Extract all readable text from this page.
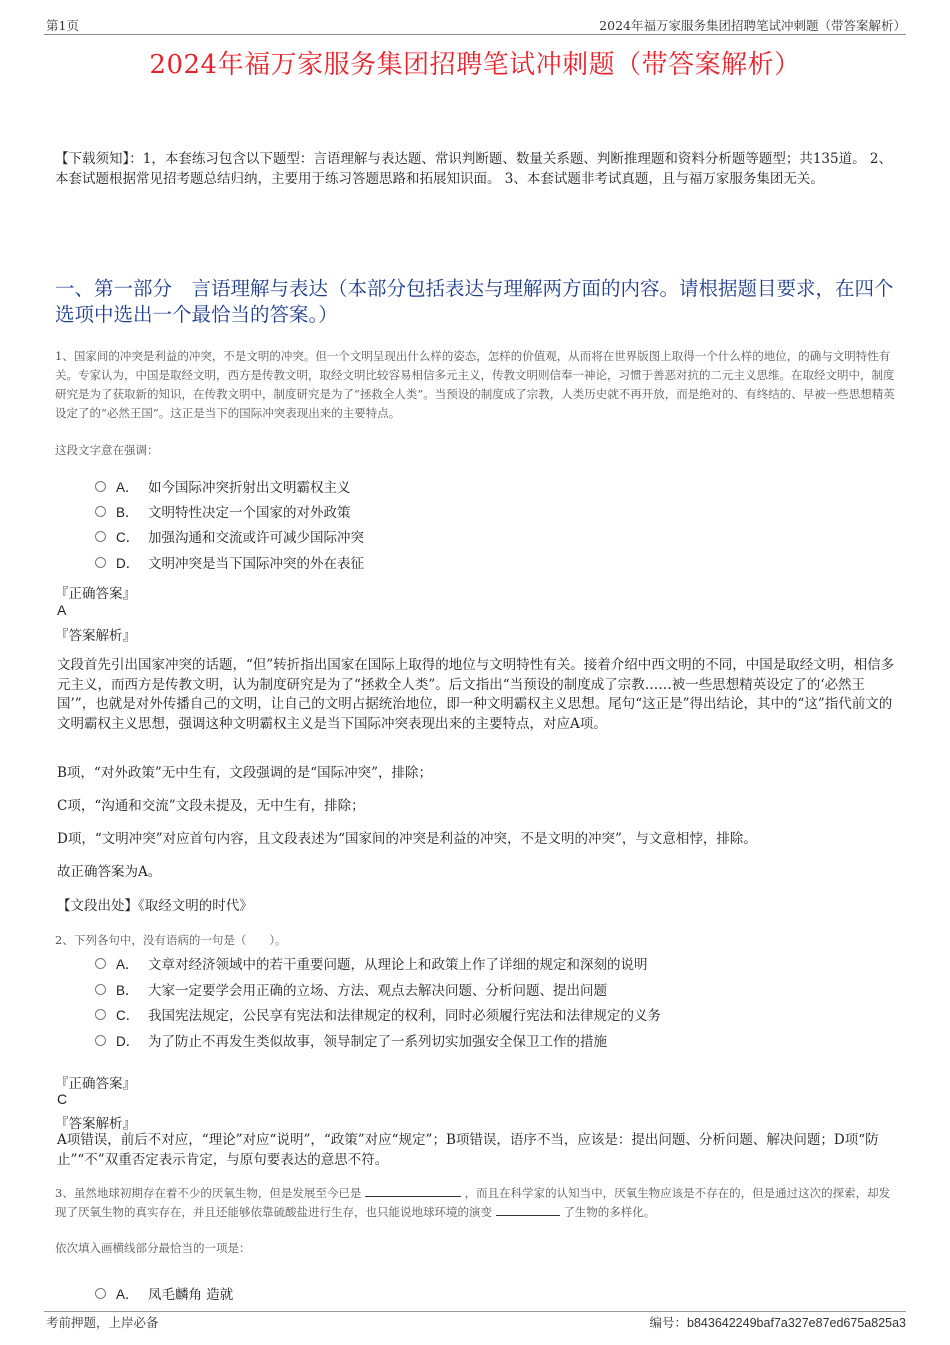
第1页	2024年福万家服务集团招聘笔试冲刺题（带答案解析）
2024年福万家服务集团招聘笔试冲刺题（带答案解析）
【下载须知】：1，本套练习包含以下题型：言语理解与表达题、常识判断题、数量关系题、判断推理题和资料分析题等题型；共135道。 2、本套试题根据常见招考题总结归纳，主要用于练习答题思路和拓展知识面。 3、本套试题非考试真题，且与福万家服务集团无关。
一、第一部分　言语理解与表达（本部分包括表达与理解两方面的内容。请根据题目要求，在四个选项中选出一个最恰当的答案。）
1、国家间的冲突是利益的冲突，不是文明的冲突。但一个文明呈现出什么样的姿态，怎样的价值观，从而将在世界版图上取得一个什么样的地位，的确与文明特性有关。专家认为，中国是取经文明，西方是传教文明，取经文明比较容易相信多元主义，传教文明则信奉一神论，习惯于善恶对抗的二元主义思维。在取经文明中，制度研究是为了获取新的知识，在传教文明中，制度研究是为了“拯救全人类”。当预设的制度成了宗教，人类历史就不再开放，而是绝对的、有终结的、早被一些思想精英设定了的“必然王国”。这正是当下的国际冲突表现出来的主要特点。
这段文字意在强调：
A． 如今国际冲突折射出文明霸权主义
B． 文明特性决定一个国家的对外政策
C． 加强沟通和交流或许可减少国际冲突
D． 文明冲突是当下国际冲突的外在表征
『正确答案』
A
『答案解析』
文段首先引出国家冲突的话题，“但”转折指出国家在国际上取得的地位与文明特性有关。接着介绍中西文明的不同，中国是取经文明，相信多元主义，而西方是传教文明，认为制度研究是为了“拯救全人类”。后文指出“当预设的制度成了宗教……被一些思想精英设定了的‘必然王国’”，也就是对外传播自己的文明，让自己的文明占据统治地位，即一种文明霸权主义思想。尾句“这正是”得出结论，其中的“这”指代前文的文明霸权主义思想，强调这种文明霸权主义是当下国际冲突表现出来的主要特点，对应A项。
B项，“对外政策”无中生有，文段强调的是“国际冲突”，排除；
C项，“沟通和交流”文段未提及，无中生有，排除；
D项，“文明冲突”对应首句内容，且文段表述为“国家间的冲突是利益的冲突，不是文明的冲突”，与文意相悖，排除。
故正确答案为A。
【文段出处】《取经文明的时代》
2、下列各句中，没有语病的一句是（　　）。
A． 文章对经济领域中的若干重要问题，从理论上和政策上作了详细的规定和深刻的说明
B． 大家一定要学会用正确的立场、方法、观点去解决问题、分析问题、提出问题
C． 我国宪法规定，公民享有宪法和法律规定的权利，同时必须履行宪法和法律规定的义务
D． 为了防止不再发生类似故事，领导制定了一系列切实加强安全保卫工作的措施
『正确答案』
C
『答案解析』
A项错误，前后不对应，“理论”对应“说明”，“政策”对应“规定”；B项错误，语序不当，应该是：提出问题、分析问题、解决问题；D项“防止”“不”双重否定表示肯定，与原句要表达的意思不符。
3、虽然地球初期存在着不少的厌氧生物，但是发展至今已是	，而且在科学家的认知当中，厌氧生物应该是不存在的，但是通过这次的探索，却发现了厌氧生物的真实存在，并且还能够依靠硫酸盐进行生存，也只能说地球环境的演变	了生物的多样化。
依次填入画横线部分最恰当的一项是：
A． 凤毛麟角 造就
考前押题，上岸必备	编号：b843642249baf7a327e87ed675a825a3
